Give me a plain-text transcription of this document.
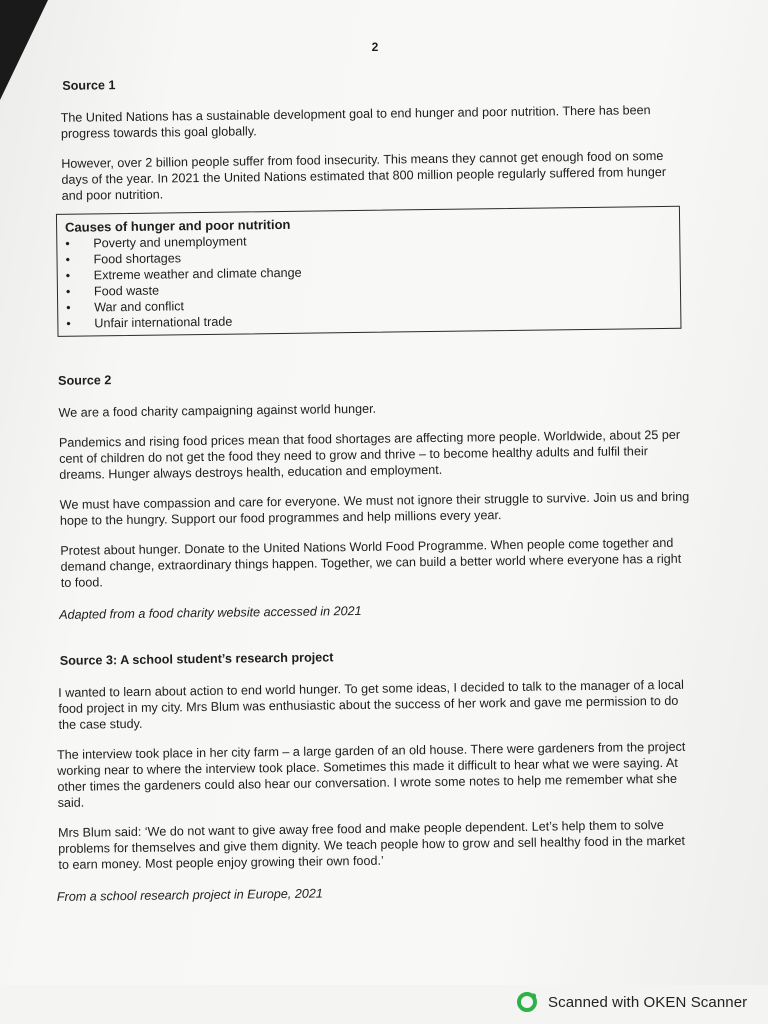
2
Source 1

The United Nations has a sustainable development goal to end hunger and poor nutrition. There has been progress towards this goal globally.

However, over 2 billion people suffer from food insecurity. This means they cannot get enough food on some days of the year. In 2021 the United Nations estimated that 800 million people regularly suffered from hunger and poor nutrition.

Causes of hunger and poor nutrition
• Poverty and unemployment
• Food shortages
• Extreme weather and climate change
• Food waste
• War and conflict
• Unfair international trade
Source 2

We are a food charity campaigning against world hunger.

Pandemics and rising food prices mean that food shortages are affecting more people. Worldwide, about 25 per cent of children do not get the food they need to grow and thrive – to become healthy adults and fulfil their dreams. Hunger always destroys health, education and employment.

We must have compassion and care for everyone. We must not ignore their struggle to survive. Join us and bring hope to the hungry. Support our food programmes and help millions every year.

Protest about hunger. Donate to the United Nations World Food Programme. When people come together and demand change, extraordinary things happen. Together, we can build a better world where everyone has a right to food.

Adapted from a food charity website accessed in 2021

Source 3: A school student’s research project

I wanted to learn about action to end world hunger. To get some ideas, I decided to talk to the manager of a local food project in my city. Mrs Blum was enthusiastic about the success of her work and gave me permission to do the case study.

The interview took place in her city farm – a large garden of an old house. There were gardeners from the project working near to where the interview took place. Sometimes this made it difficult to hear what we were saying. At other times the gardeners could also hear our conversation. I wrote some notes to help me remember what she said.

Mrs Blum said: ‘We do not want to give away free food and make people dependent. Let’s help them to solve problems for themselves and give them dignity. We teach people how to grow and sell healthy food in the market to earn money. Most people enjoy growing their own food.’

From a school research project in Europe, 2021

Scanned with OKEN Scanner
